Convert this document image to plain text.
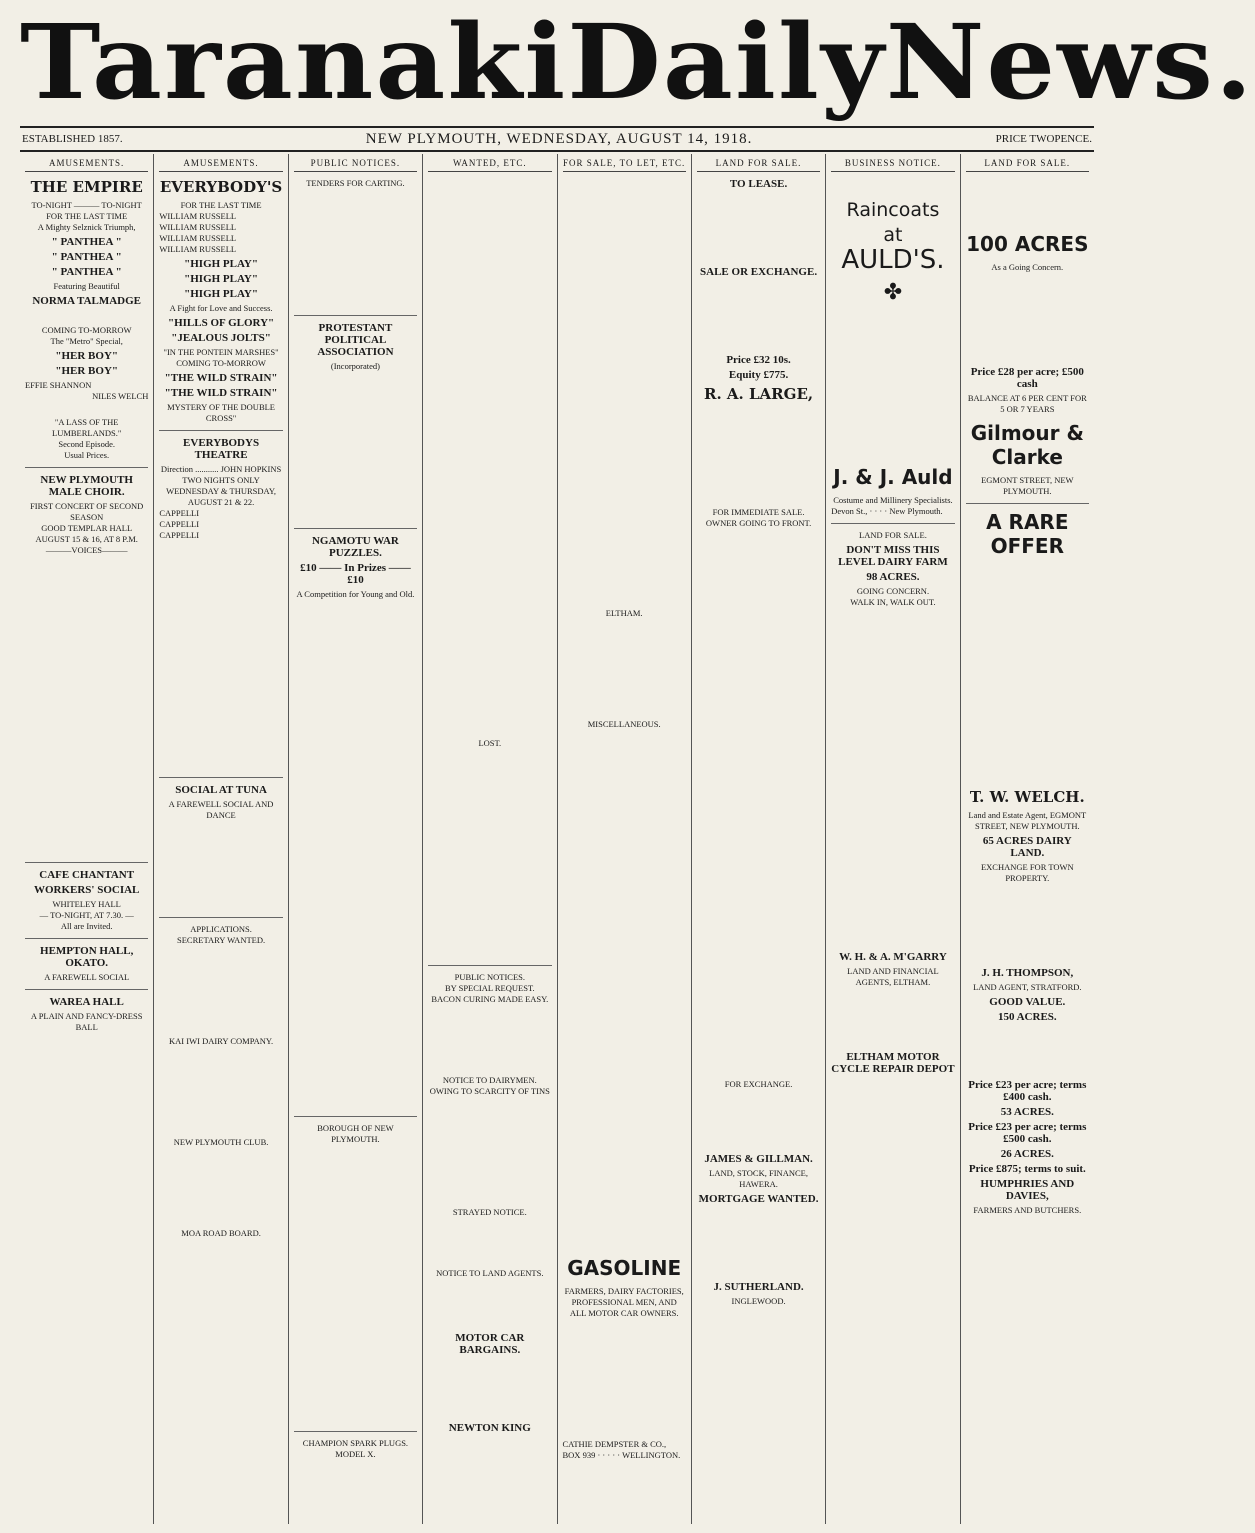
Taranaki Daily News.
ESTABLISHED 1857.	NEW PLYMOUTH, WEDNESDAY, AUGUST 14, 1918.	PRICE TWOPENCE.
AMUSEMENTS.
THE EMPIRE
TO-NIGHT ——— TO-NIGHT
FOR THE LAST TIME
A Mighty Selznick Triumph,
" PANTHEA "
" PANTHEA "
" PANTHEA "
Featuring Beautiful
NORMA TALMADGE

COMING TO-MORROW
The "Metro" Special,
"HER BOY"
"HER BOY"
EFFIE SHANNON
NILES WELCH

"A LASS OF THE LUMBERLANDS."
Second Episode.
Usual Prices.
NEW PLYMOUTH MALE CHOIR.
FIRST CONCERT OF SECOND SEASON
GOOD TEMPLAR HALL
AUGUST 15 & 16, AT 8 P.M.
———VOICES———
CAFE CHANTANT
WORKERS' SOCIAL
WHITELEY HALL
— TO-NIGHT, AT 7.30. —
All are Invited.
HEMPTON HALL, OKATO.
A FAREWELL SOCIAL
WAREA HALL
A PLAIN AND FANCY-DRESS BALL
AMUSEMENTS.
EVERYBODY'S
FOR THE LAST TIME
WILLIAM RUSSELL
WILLIAM RUSSELL
WILLIAM RUSSELL
WILLIAM RUSSELL
"HIGH PLAY"
"HIGH PLAY"
"HIGH PLAY"
A Fight for Love and Success.
"HILLS OF GLORY"
"JEALOUS JOLTS"
"IN THE PONTEIN MARSHES"
COMING TO-MORROW
"THE WILD STRAIN"
"THE WILD STRAIN"
MYSTERY OF THE DOUBLE CROSS"
EVERYBODYS THEATRE
Direction ........... JOHN HOPKINS
TWO NIGHTS ONLY
WEDNESDAY & THURSDAY,
AUGUST 21 & 22.
CAPPELLI
CAPPELLI
CAPPELLI
SOCIAL AT TUNA
A FAREWELL SOCIAL AND DANCE
APPLICATIONS.
SECRETARY WANTED.
KAI IWI DAIRY COMPANY.
NEW PLYMOUTH CLUB.
MOA ROAD BOARD.
PUBLIC NOTICES.
TENDERS FOR CARTING.
PROTESTANT POLITICAL ASSOCIATION
(Incorporated)
NGAMOTU WAR PUZZLES.
£10 —— In Prizes —— £10
A Competition for Young and Old.
BOROUGH OF NEW PLYMOUTH.
CHAMPION SPARK PLUGS.
MODEL X.
WANTED, ETC.
LOST.
PUBLIC NOTICES.
BY SPECIAL REQUEST.
BACON CURING MADE EASY.
NOTICE TO DAIRYMEN.
OWING TO SCARCITY OF TINS
STRAYED NOTICE.
NOTICE TO LAND AGENTS.
MOTOR CAR BARGAINS.
NEWTON KING
FOR SALE, TO LET, ETC.
ELTHAM.
MISCELLANEOUS.
GASOLINE
FARMERS, DAIRY FACTORIES, PROFESSIONAL MEN, AND ALL MOTOR CAR OWNERS.
CATHIE DEMPSTER & CO.,
BOX 939 · · · · · WELLINGTON.
LAND FOR SALE.
TO LEASE.
SALE OR EXCHANGE.
Price £32 10s.
Equity £775.
R. A. LARGE,
FOR IMMEDIATE SALE.
OWNER GOING TO FRONT.
FOR EXCHANGE.
JAMES & GILLMAN.
LAND, STOCK, FINANCE, HAWERA.
MORTGAGE WANTED.
J. SUTHERLAND.
INGLEWOOD.
BUSINESS NOTICE.
Raincoats
at
AULD'S.
✤
J. & J. Auld
Costume and Millinery Specialists.
Devon St., · · · · New Plymouth.
LAND FOR SALE.
DON'T MISS THIS LEVEL DAIRY FARM
98 ACRES.
GOING CONCERN.
WALK IN, WALK OUT.
W. H. & A. M'GARRY
LAND AND FINANCIAL AGENTS, ELTHAM.
ELTHAM MOTOR CYCLE REPAIR DEPOT
LAND FOR SALE.
100 ACRES
As a Going Concern.
Price £28 per acre; £500 cash
BALANCE AT 6 PER CENT FOR 5 OR 7 YEARS
Gilmour & Clarke
EGMONT STREET, NEW PLYMOUTH.
A RARE OFFER
T. W. WELCH.
Land and Estate Agent, EGMONT STREET, NEW PLYMOUTH.
65 ACRES DAIRY LAND.
EXCHANGE FOR TOWN PROPERTY.
J. H. THOMPSON,
LAND AGENT, STRATFORD.
GOOD VALUE.
150 ACRES.
Price £23 per acre; terms £400 cash.
53 ACRES.
Price £23 per acre; terms £500 cash.
26 ACRES.
Price £875; terms to suit.
HUMPHRIES AND DAVIES,
FARMERS AND BUTCHERS.
